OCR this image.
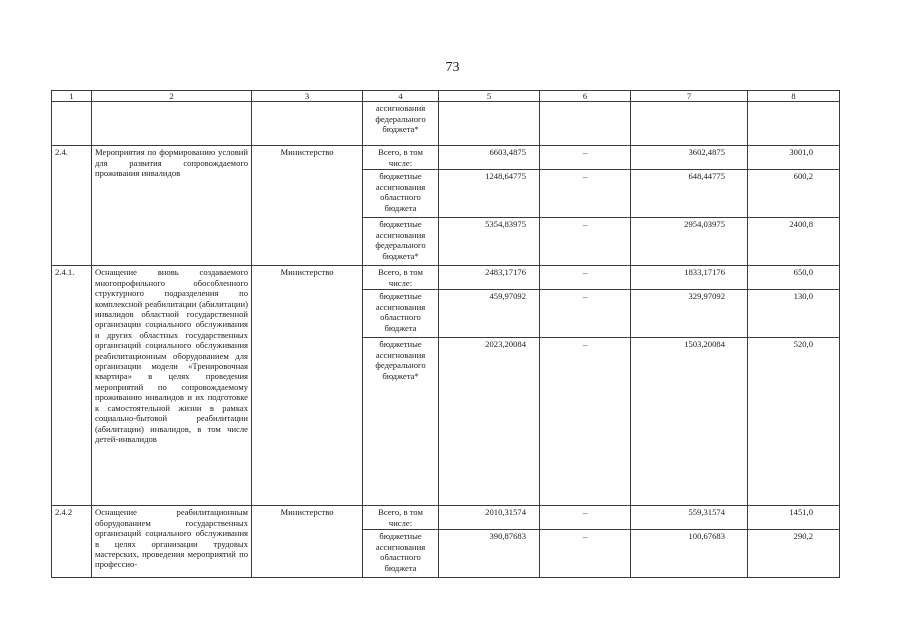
73
1	2	3	4	5	6	7	8
			ассигнования федерального бюджета*				
2.4.	Мероприятия по формированию условий для развития сопровождаемого проживания инвалидов	Министерство	Всего, в том числе:	6603,4875	–	3602,4875	3001,0
			бюджетные ассигнования областного бюджета	1248,64775	–	648,44775	600,2
			бюджетные ассигнования федерального бюджета*	5354,83975	–	2954,03975	2400,8
2.4.1.	Оснащение вновь создаваемого многопрофильного обособленного структурного подразделения по комплексной реабилитации (абилитации) инвалидов областной государственной организации социального обслуживания и других областных государственных организаций социального обслуживания реабилитационным оборудованием для организации модели «Тренировочная квартира» в целях проведения мероприятий по сопровождаемому проживанию инвалидов и их подготовке к самостоятельной жизни в рамках социально-бытовой реабилитации (абилитации) инвалидов, в том числе детей-инвалидов	Министерство	Всего, в том числе:	2483,17176	–	1833,17176	650,0
			бюджетные ассигнования областного бюджета	459,97092	–	329,97092	130,0
			бюджетные ассигнования федерального бюджета*	2023,20084	–	1503,20084	520,0
2.4.2	Оснащение реабилитационным оборудованием государственных организаций социального обслуживания в целях организации трудовых мастерских, проведения мероприятий по профессио-	Министерство	Всего, в том числе:	2010,31574	–	559,31574	1451,0
			бюджетные ассигнования областного бюджета	390,87683	–	100,67683	290,2
